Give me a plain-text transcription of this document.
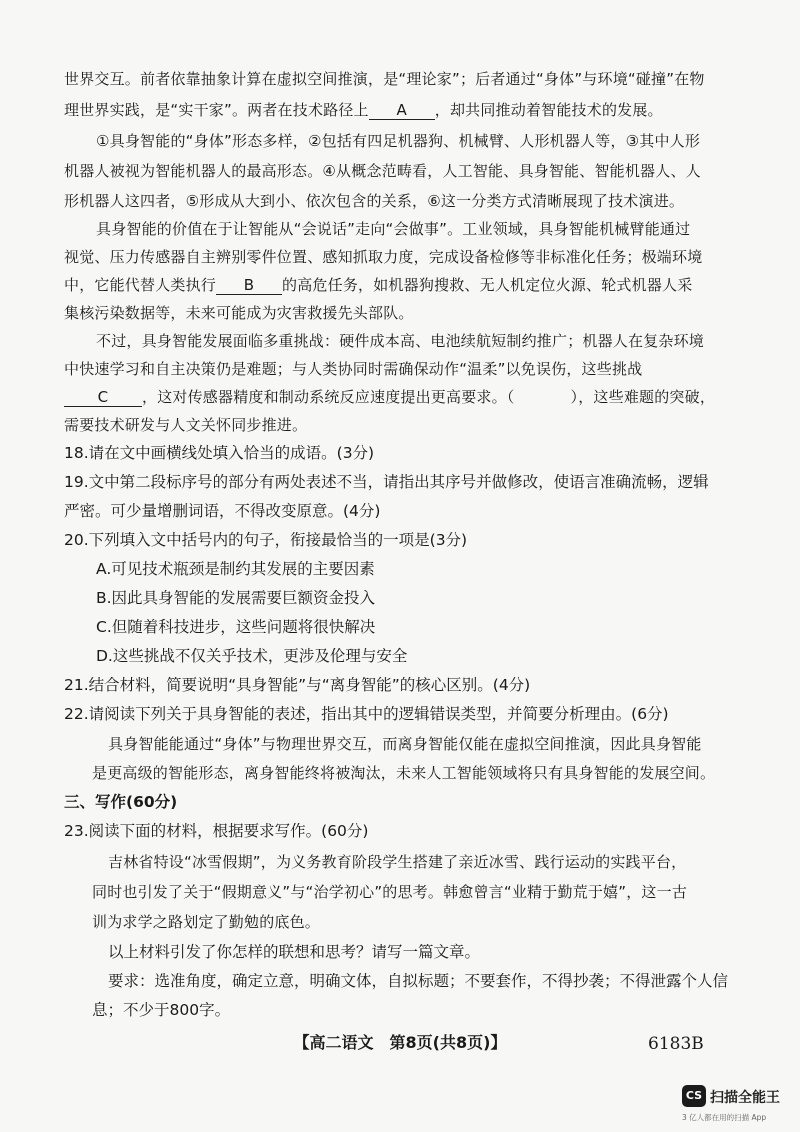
世界交互。前者依靠抽象计算在虚拟空间推演，是“理论家”；后者通过“身体”与环境“碰撞”在物
理世界实践，是“实干家”。两者在技术路径上 A ，却共同推动着智能技术的发展。
①具身智能的“身体”形态多样，②包括有四足机器狗、机械臂、人形机器人等，③其中人形
机器人被视为智能机器人的最高形态。④从概念范畴看，人工智能、具身智能、智能机器人、人
形机器人这四者，⑤形成从大到小、依次包含的关系，⑥这一分类方式清晰展现了技术演进。
具身智能的价值在于让智能从“会说话”走向“会做事”。工业领域，具身智能机械臂能通过
视觉、压力传感器自主辨别零件位置、感知抓取力度，完成设备检修等非标准化任务；极端环境
中，它能代替人类执行 B 的高危任务，如机器狗搜救、无人机定位火源、轮式机器人采
集核污染数据等，未来可能成为灾害救援先头部队。
不过，具身智能发展面临多重挑战：硬件成本高、电池续航短制约推广；机器人在复杂环境
中快速学习和自主决策仍是难题；与人类协同时需确保动作“温柔”以免误伤，这些挑战
C ，这对传感器精度和制动系统反应速度提出更高要求。（	），这些难题的突破，
需要技术研发与人文关怀同步推进。
18.请在文中画横线处填入恰当的成语。(3分)
19.文中第二段标序号的部分有两处表述不当，请指出其序号并做修改，使语言准确流畅，逻辑
严密。可少量增删词语，不得改变原意。(4分)
20.下列填入文中括号内的句子，衔接最恰当的一项是(3分)
A.可见技术瓶颈是制约其发展的主要因素
B.因此具身智能的发展需要巨额资金投入
C.但随着科技进步，这些问题将很快解决
D.这些挑战不仅关乎技术，更涉及伦理与安全
21.结合材料，简要说明“具身智能”与“离身智能”的核心区别。(4分)
22.请阅读下列关于具身智能的表述，指出其中的逻辑错误类型，并简要分析理由。(6分)
具身智能能通过“身体”与物理世界交互，而离身智能仅能在虚拟空间推演，因此具身智能
是更高级的智能形态，离身智能终将被淘汰，未来人工智能领域将只有具身智能的发展空间。
三、写作(60分)
23.阅读下面的材料，根据要求写作。(60分)
吉林省特设“冰雪假期”，为义务教育阶段学生搭建了亲近冰雪、践行运动的实践平台，
同时也引发了关于“假期意义”与“治学初心”的思考。韩愈曾言“业精于勤荒于嬉”，这一古
训为求学之路划定了勤勉的底色。
以上材料引发了你怎样的联想和思考？请写一篇文章。
要求：选准角度，确定立意，明确文体，自拟标题；不要套作，不得抄袭；不得泄露个人信
息；不少于800字。
【高二语文　第8页(共8页)】	6183B
CS 扫描全能王
3 亿人都在用的扫描 App
